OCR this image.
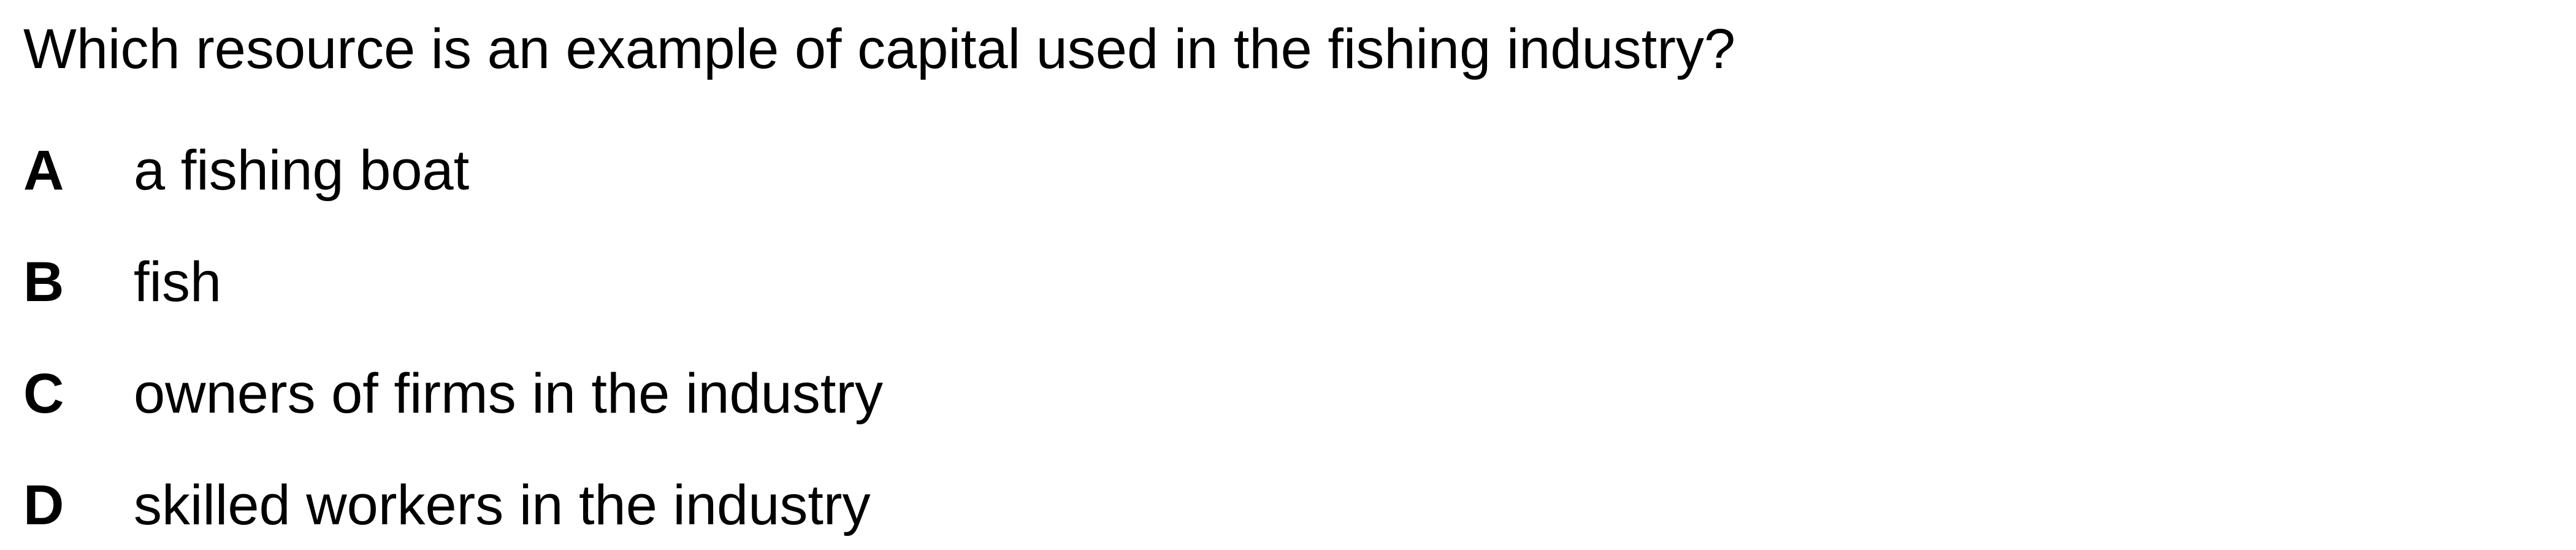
Which resource is an example of capital used in the fishing industry?
A	a fishing boat
B	fish
C	owners of firms in the industry
D	skilled workers in the industry
